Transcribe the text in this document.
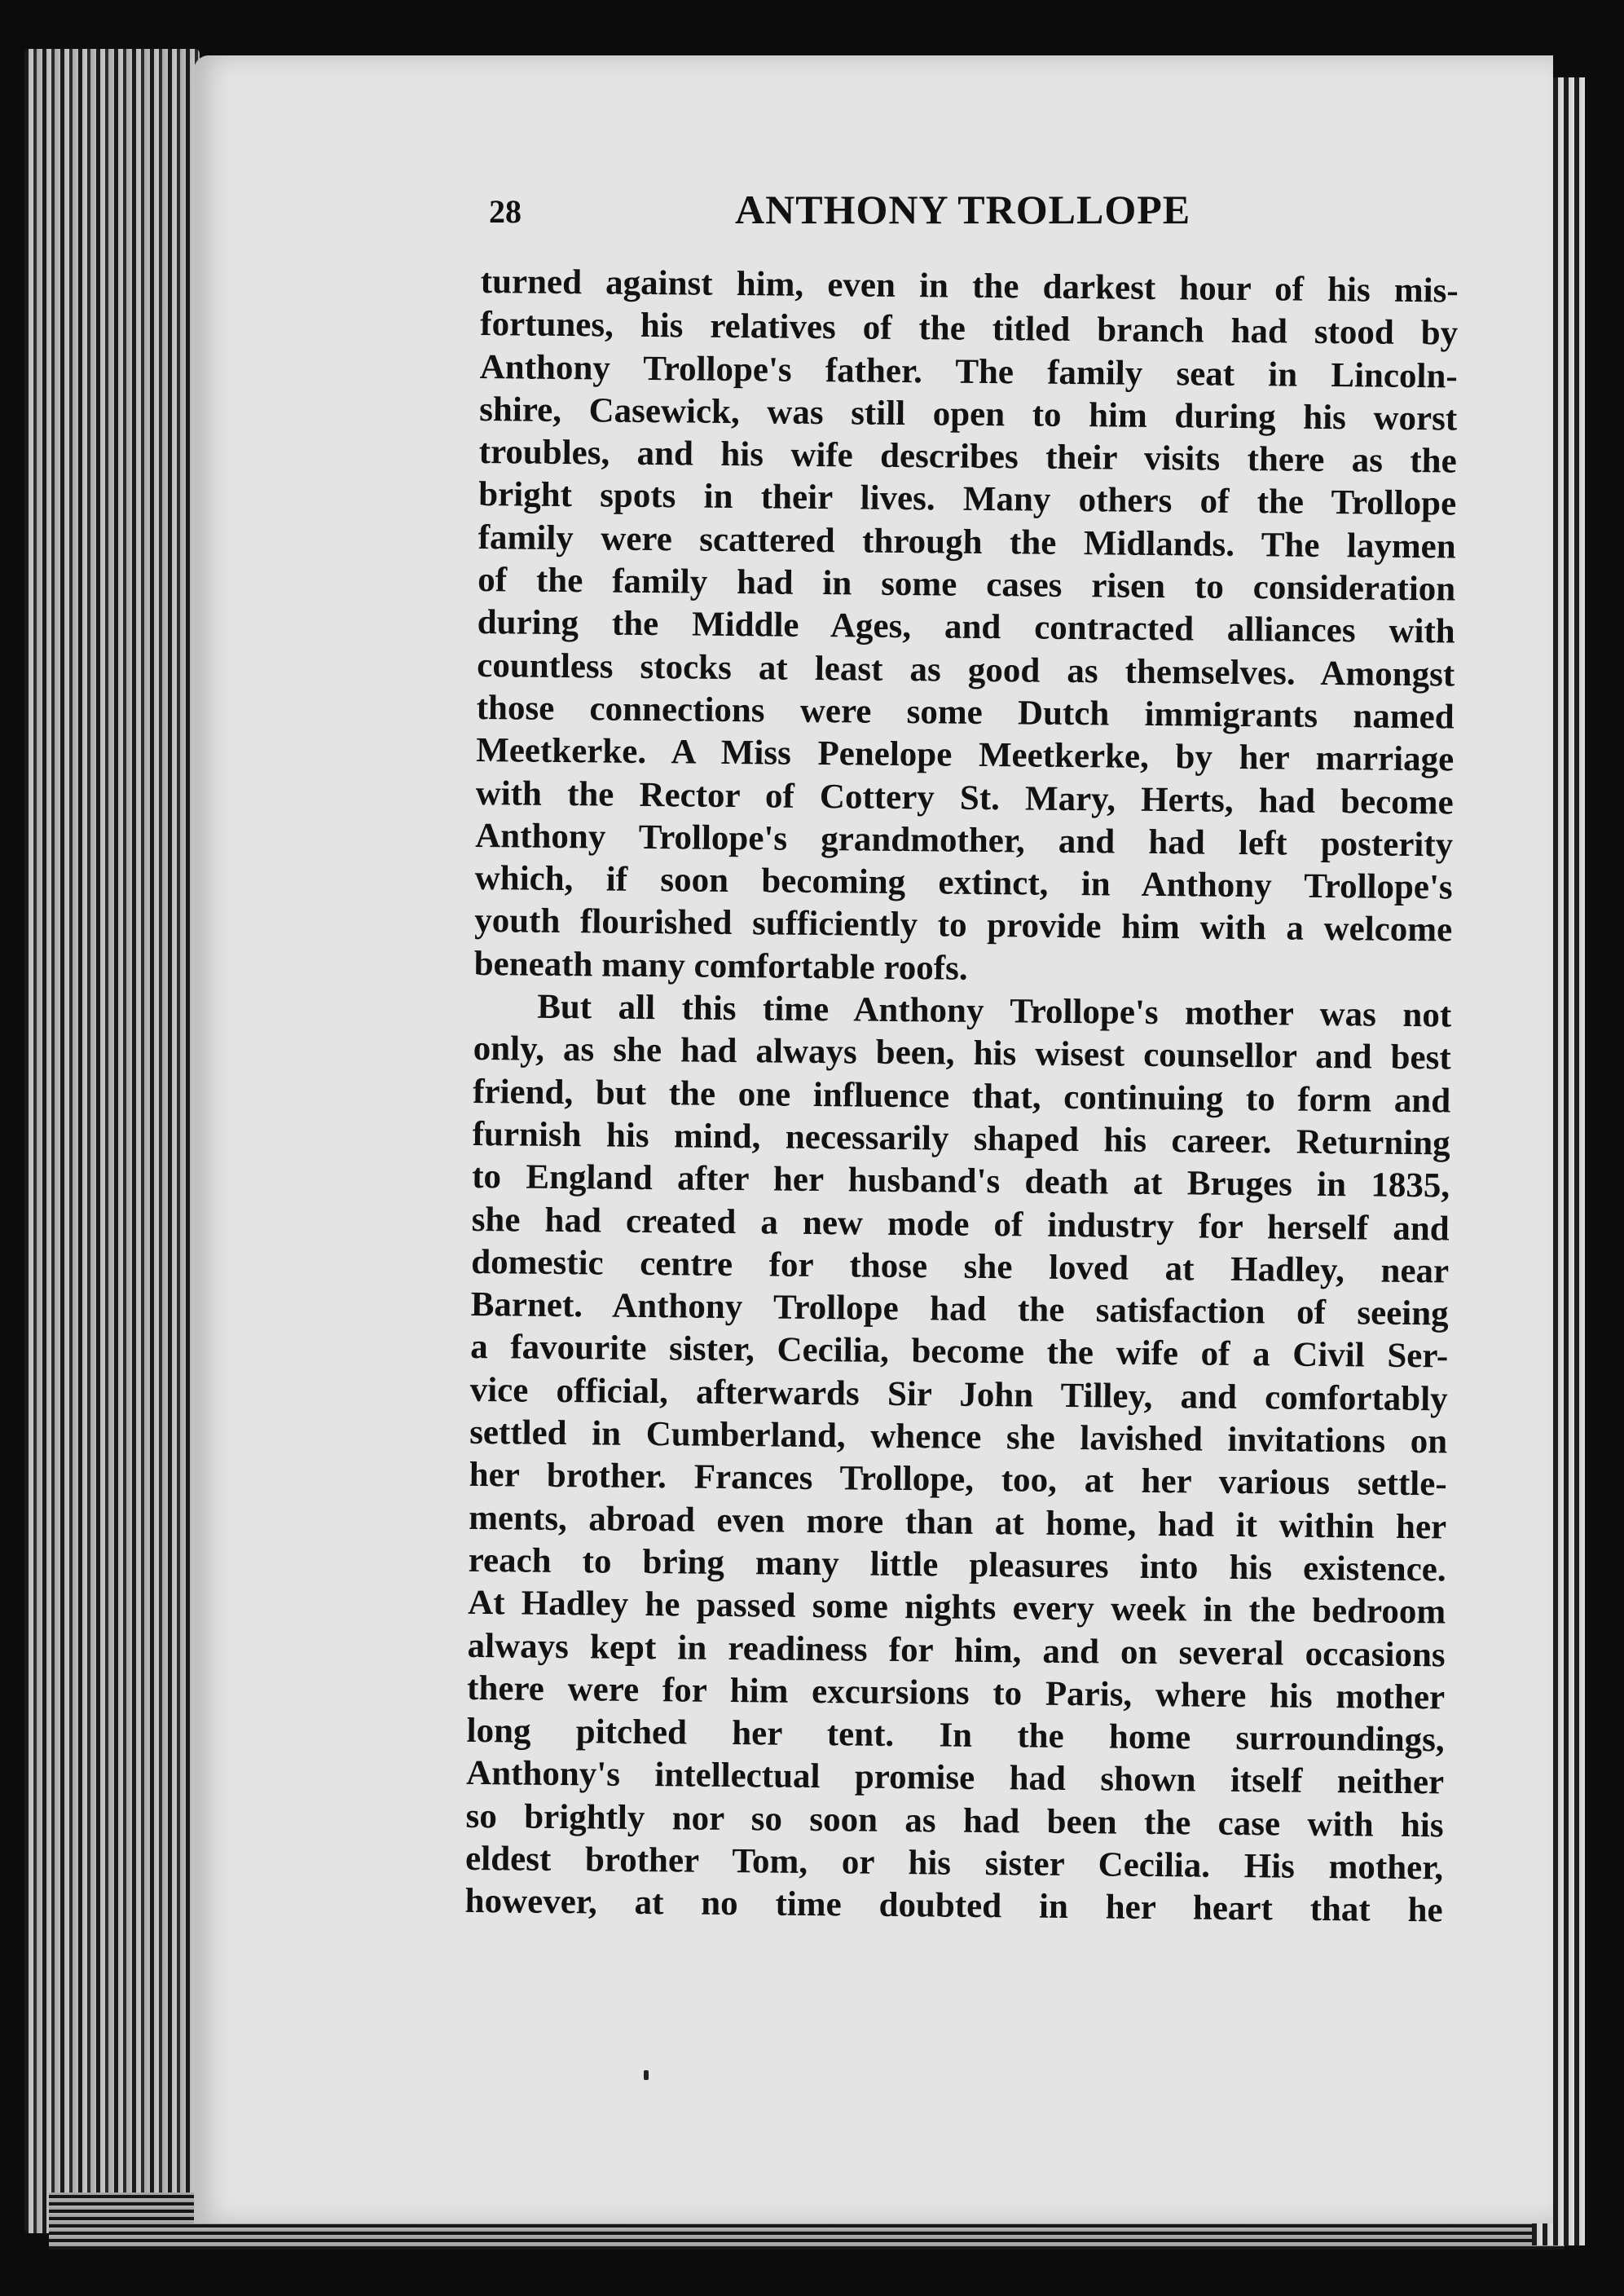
28	ANTHONY TROLLOPE
turned against him, even in the darkest hour of his mis-
fortunes, his relatives of the titled branch had stood by
Anthony Trollope's father. The family seat in Lincoln-
shire, Casewick, was still open to him during his worst
troubles, and his wife describes their visits there as the
bright spots in their lives. Many others of the Trollope
family were scattered through the Midlands. The laymen
of the family had in some cases risen to consideration
during the Middle Ages, and contracted alliances with
countless stocks at least as good as themselves. Amongst
those connections were some Dutch immigrants named
Meetkerke. A Miss Penelope Meetkerke, by her marriage
with the Rector of Cottery St. Mary, Herts, had become
Anthony Trollope's grandmother, and had left posterity
which, if soon becoming extinct, in Anthony Trollope's
youth flourished sufficiently to provide him with a welcome
beneath many comfortable roofs.
But all this time Anthony Trollope's mother was not
only, as she had always been, his wisest counsellor and best
friend, but the one influence that, continuing to form and
furnish his mind, necessarily shaped his career. Returning
to England after her husband's death at Bruges in 1835,
she had created a new mode of industry for herself and
domestic centre for those she loved at Hadley, near
Barnet. Anthony Trollope had the satisfaction of seeing
a favourite sister, Cecilia, become the wife of a Civil Ser-
vice official, afterwards Sir John Tilley, and comfortably
settled in Cumberland, whence she lavished invitations on
her brother. Frances Trollope, too, at her various settle-
ments, abroad even more than at home, had it within her
reach to bring many little pleasures into his existence.
At Hadley he passed some nights every week in the bedroom
always kept in readiness for him, and on several occasions
there were for him excursions to Paris, where his mother
long pitched her tent. In the home surroundings,
Anthony's intellectual promise had shown itself neither
so brightly nor so soon as had been the case with his
eldest brother Tom, or his sister Cecilia. His mother,
however, at no time doubted in her heart that he
